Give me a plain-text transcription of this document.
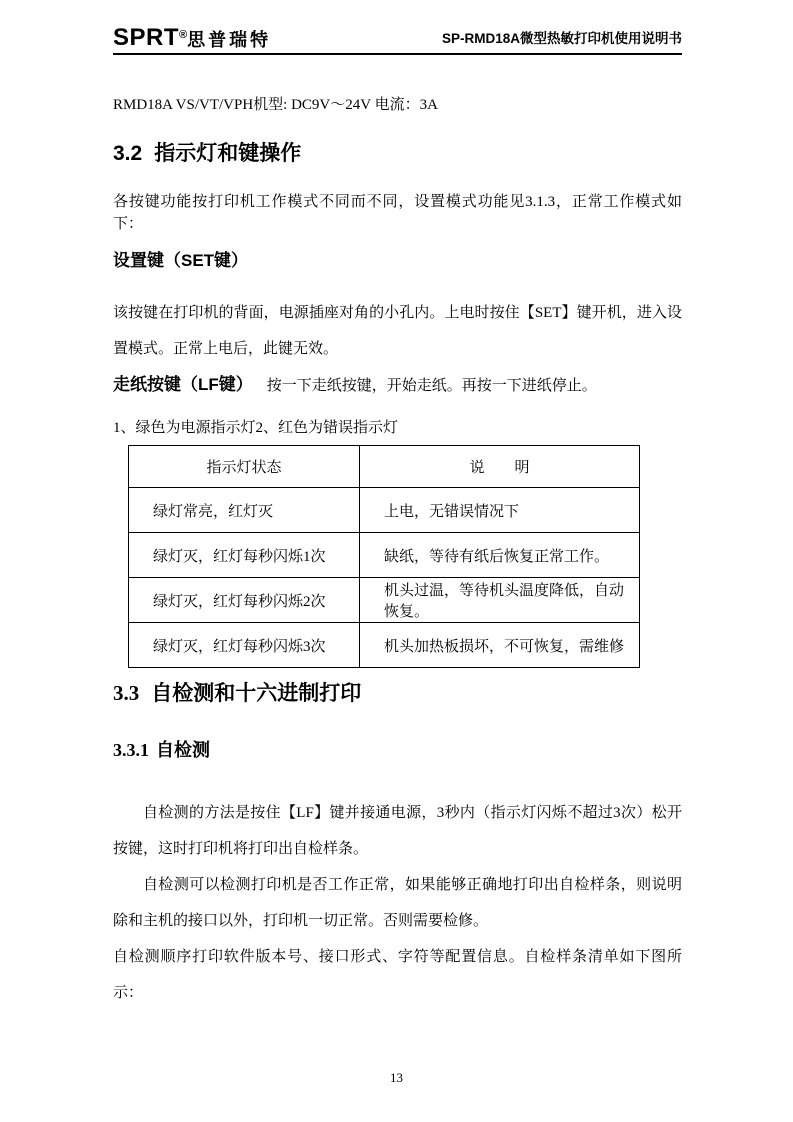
SPRT ® 思普瑞特	SP-RMD18A微型热敏打印机使用说明书
RMD18A VS/VT/VPH机型: DC9V～24V 电流：3A
3.2 指示灯和键操作
各按键功能按打印机工作模式不同而不同，设置模式功能见3.1.3，正常工作模式如下：
设置键（SET键）
该按键在打印机的背面，电源插座对角的小孔内。上电时按住【SET】键开机，进入设置模式。正常上电后，此键无效。
走纸按键（LF键） 按一下走纸按键，开始走纸。再按一下进纸停止。
1、绿色为电源指示灯2、红色为错误指示灯
指示灯状态	说　　明
绿灯常亮，红灯灭	上电，无错误情况下
绿灯灭，红灯每秒闪烁1次	缺纸，等待有纸后恢复正常工作。
绿灯灭，红灯每秒闪烁2次	机头过温，等待机头温度降低，自动恢复。
绿灯灭，红灯每秒闪烁3次	机头加热板损坏，不可恢复，需维修
3.3 自检测和十六进制打印
3.3.1 自检测
自检测的方法是按住【LF】键并接通电源，3秒内（指示灯闪烁不超过3次）松开按键，这时打印机将打印出自检样条。
自检测可以检测打印机是否工作正常，如果能够正确地打印出自检样条，则说明除和主机的接口以外，打印机一切正常。否则需要检修。
自检测顺序打印软件版本号、接口形式、字符等配置信息。自检样条清单如下图所示：
13
